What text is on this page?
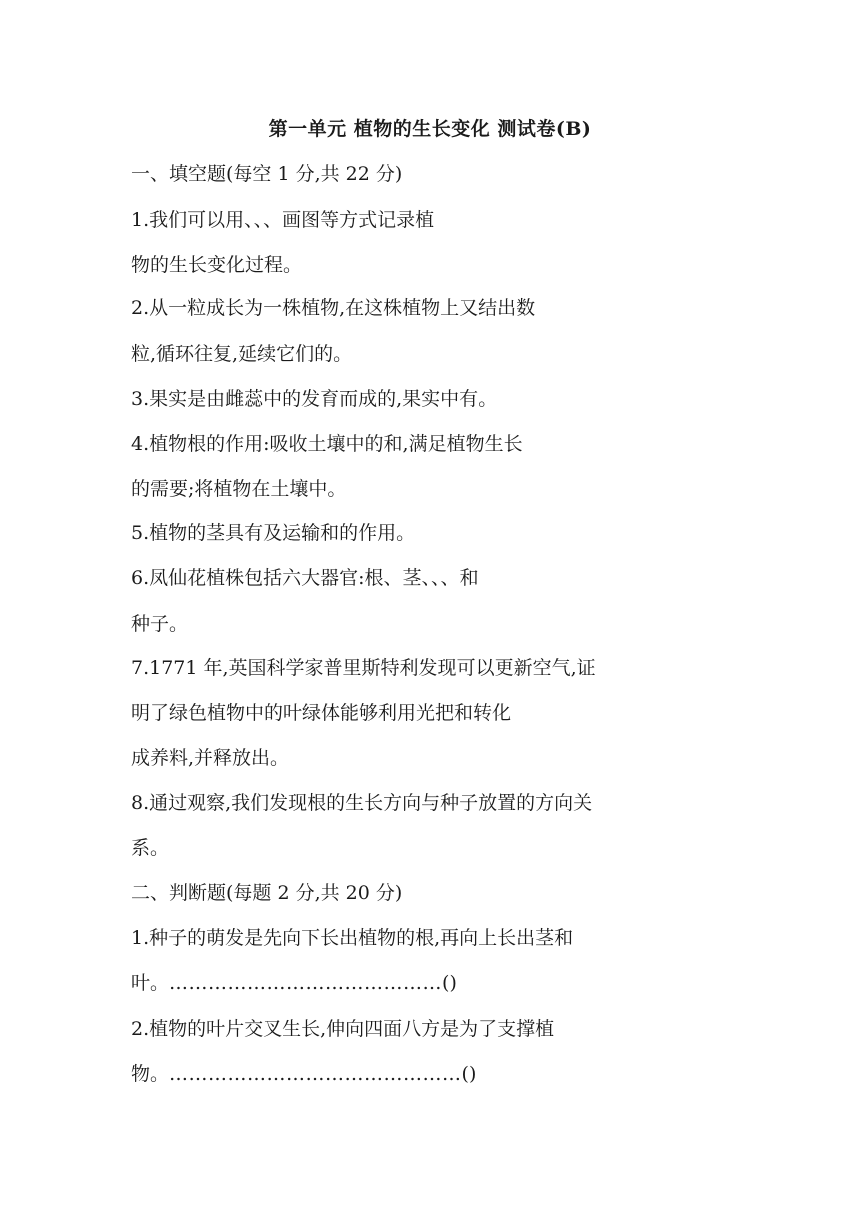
第一单元 植物的生长变化 测试卷(B)
一、填空题(每空 1 分,共 22 分)
1.我们可以用、、、画图等方式记录植
物的生长变化过程。
2.从一粒成长为一株植物,在这株植物上又结出数
粒,循环往复,延续它们的。
3.果实是由雌蕊中的发育而成的,果实中有。
4.植物根的作用:吸收土壤中的和,满足植物生长
的需要;将植物在土壤中。
5.植物的茎具有及运输和的作用。
6.凤仙花植株包括六大器官:根、茎、、、和
种子。
7.1771 年,英国科学家普里斯特利发现可以更新空气,证
明了绿色植物中的叶绿体能够利用光把和转化
成养料,并释放出。
8.通过观察,我们发现根的生长方向与种子放置的方向关
系。
二、判断题(每题 2 分,共 20 分)
1.种子的萌发是先向下长出植物的根,再向上长出茎和
叶。……………………………………()
2.植物的叶片交叉生长,伸向四面八方是为了支撑植
物。………………………………………()
